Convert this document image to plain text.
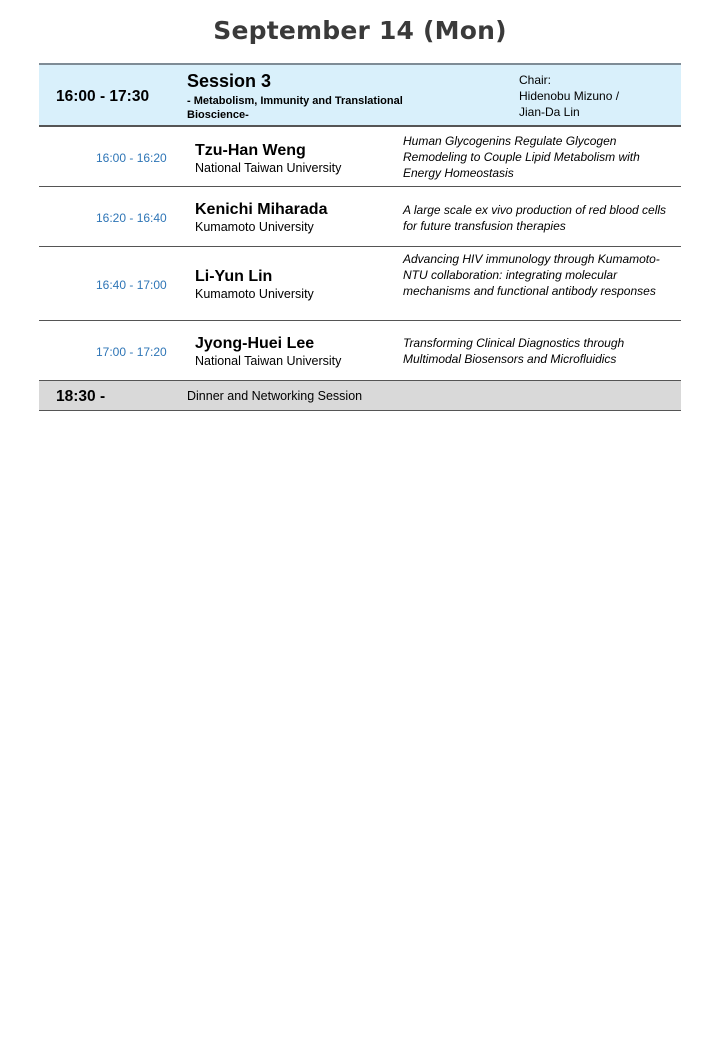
September 14 (Mon)
16:00 - 17:30
Session 3
- Metabolism, Immunity and Translational Bioscience-
Chair:
Hidenobu Mizuno /
Jian-Da Lin
16:00 - 16:20 Tzu-Han Weng
National Taiwan University
Human Glycogenins Regulate Glycogen Remodeling to Couple Lipid Metabolism with Energy Homeostasis
16:20 - 16:40 Kenichi Miharada
Kumamoto University
A large scale ex vivo production of red blood cells for future transfusion therapies
16:40 - 17:00 Li-Yun Lin
Kumamoto University
Advancing HIV immunology through Kumamoto-NTU collaboration: integrating molecular mechanisms and functional antibody responses
17:00 - 17:20 Jyong-Huei Lee
National Taiwan University
Transforming Clinical Diagnostics through Multimodal Biosensors and Microfluidics
18:30 -	Dinner and Networking Session
